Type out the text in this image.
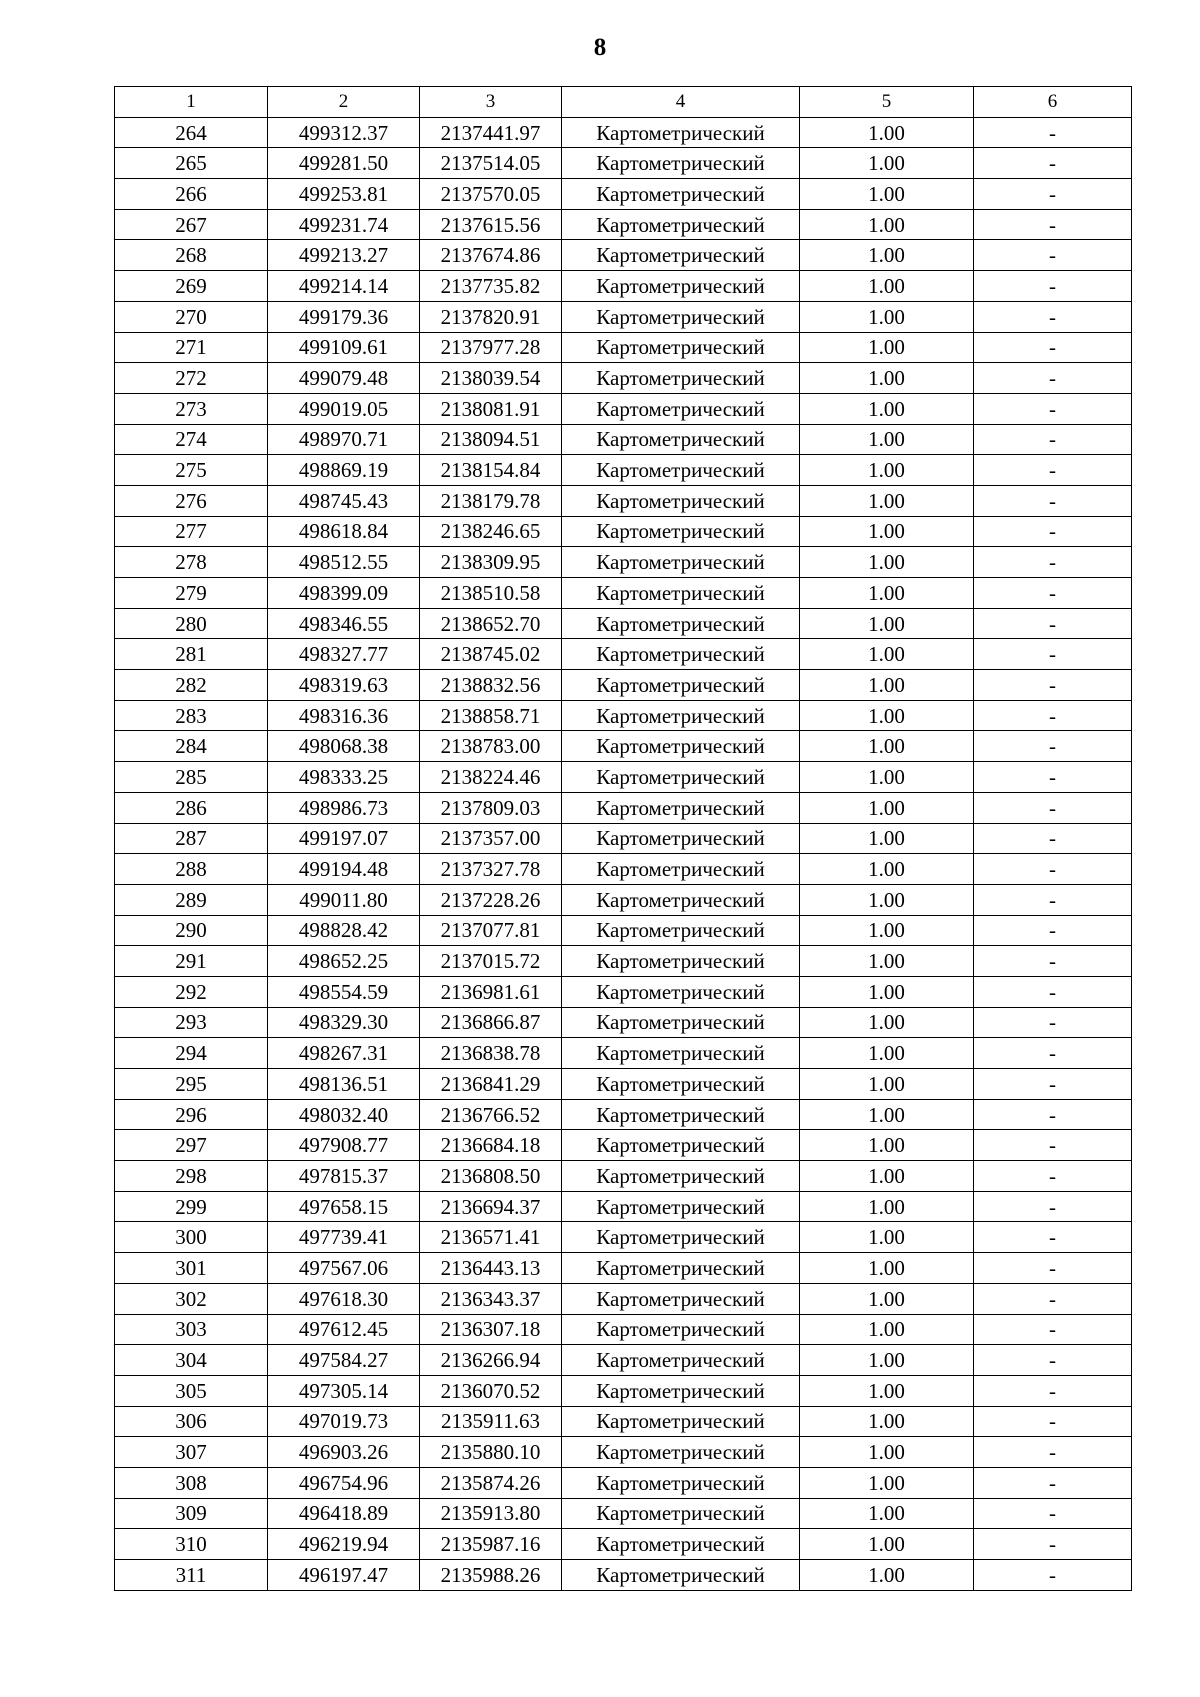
8
1	2	3	4	5	6
264	499312.37	2137441.97	Картометрический	1.00	-
265	499281.50	2137514.05	Картометрический	1.00	-
266	499253.81	2137570.05	Картометрический	1.00	-
267	499231.74	2137615.56	Картометрический	1.00	-
268	499213.27	2137674.86	Картометрический	1.00	-
269	499214.14	2137735.82	Картометрический	1.00	-
270	499179.36	2137820.91	Картометрический	1.00	-
271	499109.61	2137977.28	Картометрический	1.00	-
272	499079.48	2138039.54	Картометрический	1.00	-
273	499019.05	2138081.91	Картометрический	1.00	-
274	498970.71	2138094.51	Картометрический	1.00	-
275	498869.19	2138154.84	Картометрический	1.00	-
276	498745.43	2138179.78	Картометрический	1.00	-
277	498618.84	2138246.65	Картометрический	1.00	-
278	498512.55	2138309.95	Картометрический	1.00	-
279	498399.09	2138510.58	Картометрический	1.00	-
280	498346.55	2138652.70	Картометрический	1.00	-
281	498327.77	2138745.02	Картометрический	1.00	-
282	498319.63	2138832.56	Картометрический	1.00	-
283	498316.36	2138858.71	Картометрический	1.00	-
284	498068.38	2138783.00	Картометрический	1.00	-
285	498333.25	2138224.46	Картометрический	1.00	-
286	498986.73	2137809.03	Картометрический	1.00	-
287	499197.07	2137357.00	Картометрический	1.00	-
288	499194.48	2137327.78	Картометрический	1.00	-
289	499011.80	2137228.26	Картометрический	1.00	-
290	498828.42	2137077.81	Картометрический	1.00	-
291	498652.25	2137015.72	Картометрический	1.00	-
292	498554.59	2136981.61	Картометрический	1.00	-
293	498329.30	2136866.87	Картометрический	1.00	-
294	498267.31	2136838.78	Картометрический	1.00	-
295	498136.51	2136841.29	Картометрический	1.00	-
296	498032.40	2136766.52	Картометрический	1.00	-
297	497908.77	2136684.18	Картометрический	1.00	-
298	497815.37	2136808.50	Картометрический	1.00	-
299	497658.15	2136694.37	Картометрический	1.00	-
300	497739.41	2136571.41	Картометрический	1.00	-
301	497567.06	2136443.13	Картометрический	1.00	-
302	497618.30	2136343.37	Картометрический	1.00	-
303	497612.45	2136307.18	Картометрический	1.00	-
304	497584.27	2136266.94	Картометрический	1.00	-
305	497305.14	2136070.52	Картометрический	1.00	-
306	497019.73	2135911.63	Картометрический	1.00	-
307	496903.26	2135880.10	Картометрический	1.00	-
308	496754.96	2135874.26	Картометрический	1.00	-
309	496418.89	2135913.80	Картометрический	1.00	-
310	496219.94	2135987.16	Картометрический	1.00	-
311	496197.47	2135988.26	Картометрический	1.00	-
